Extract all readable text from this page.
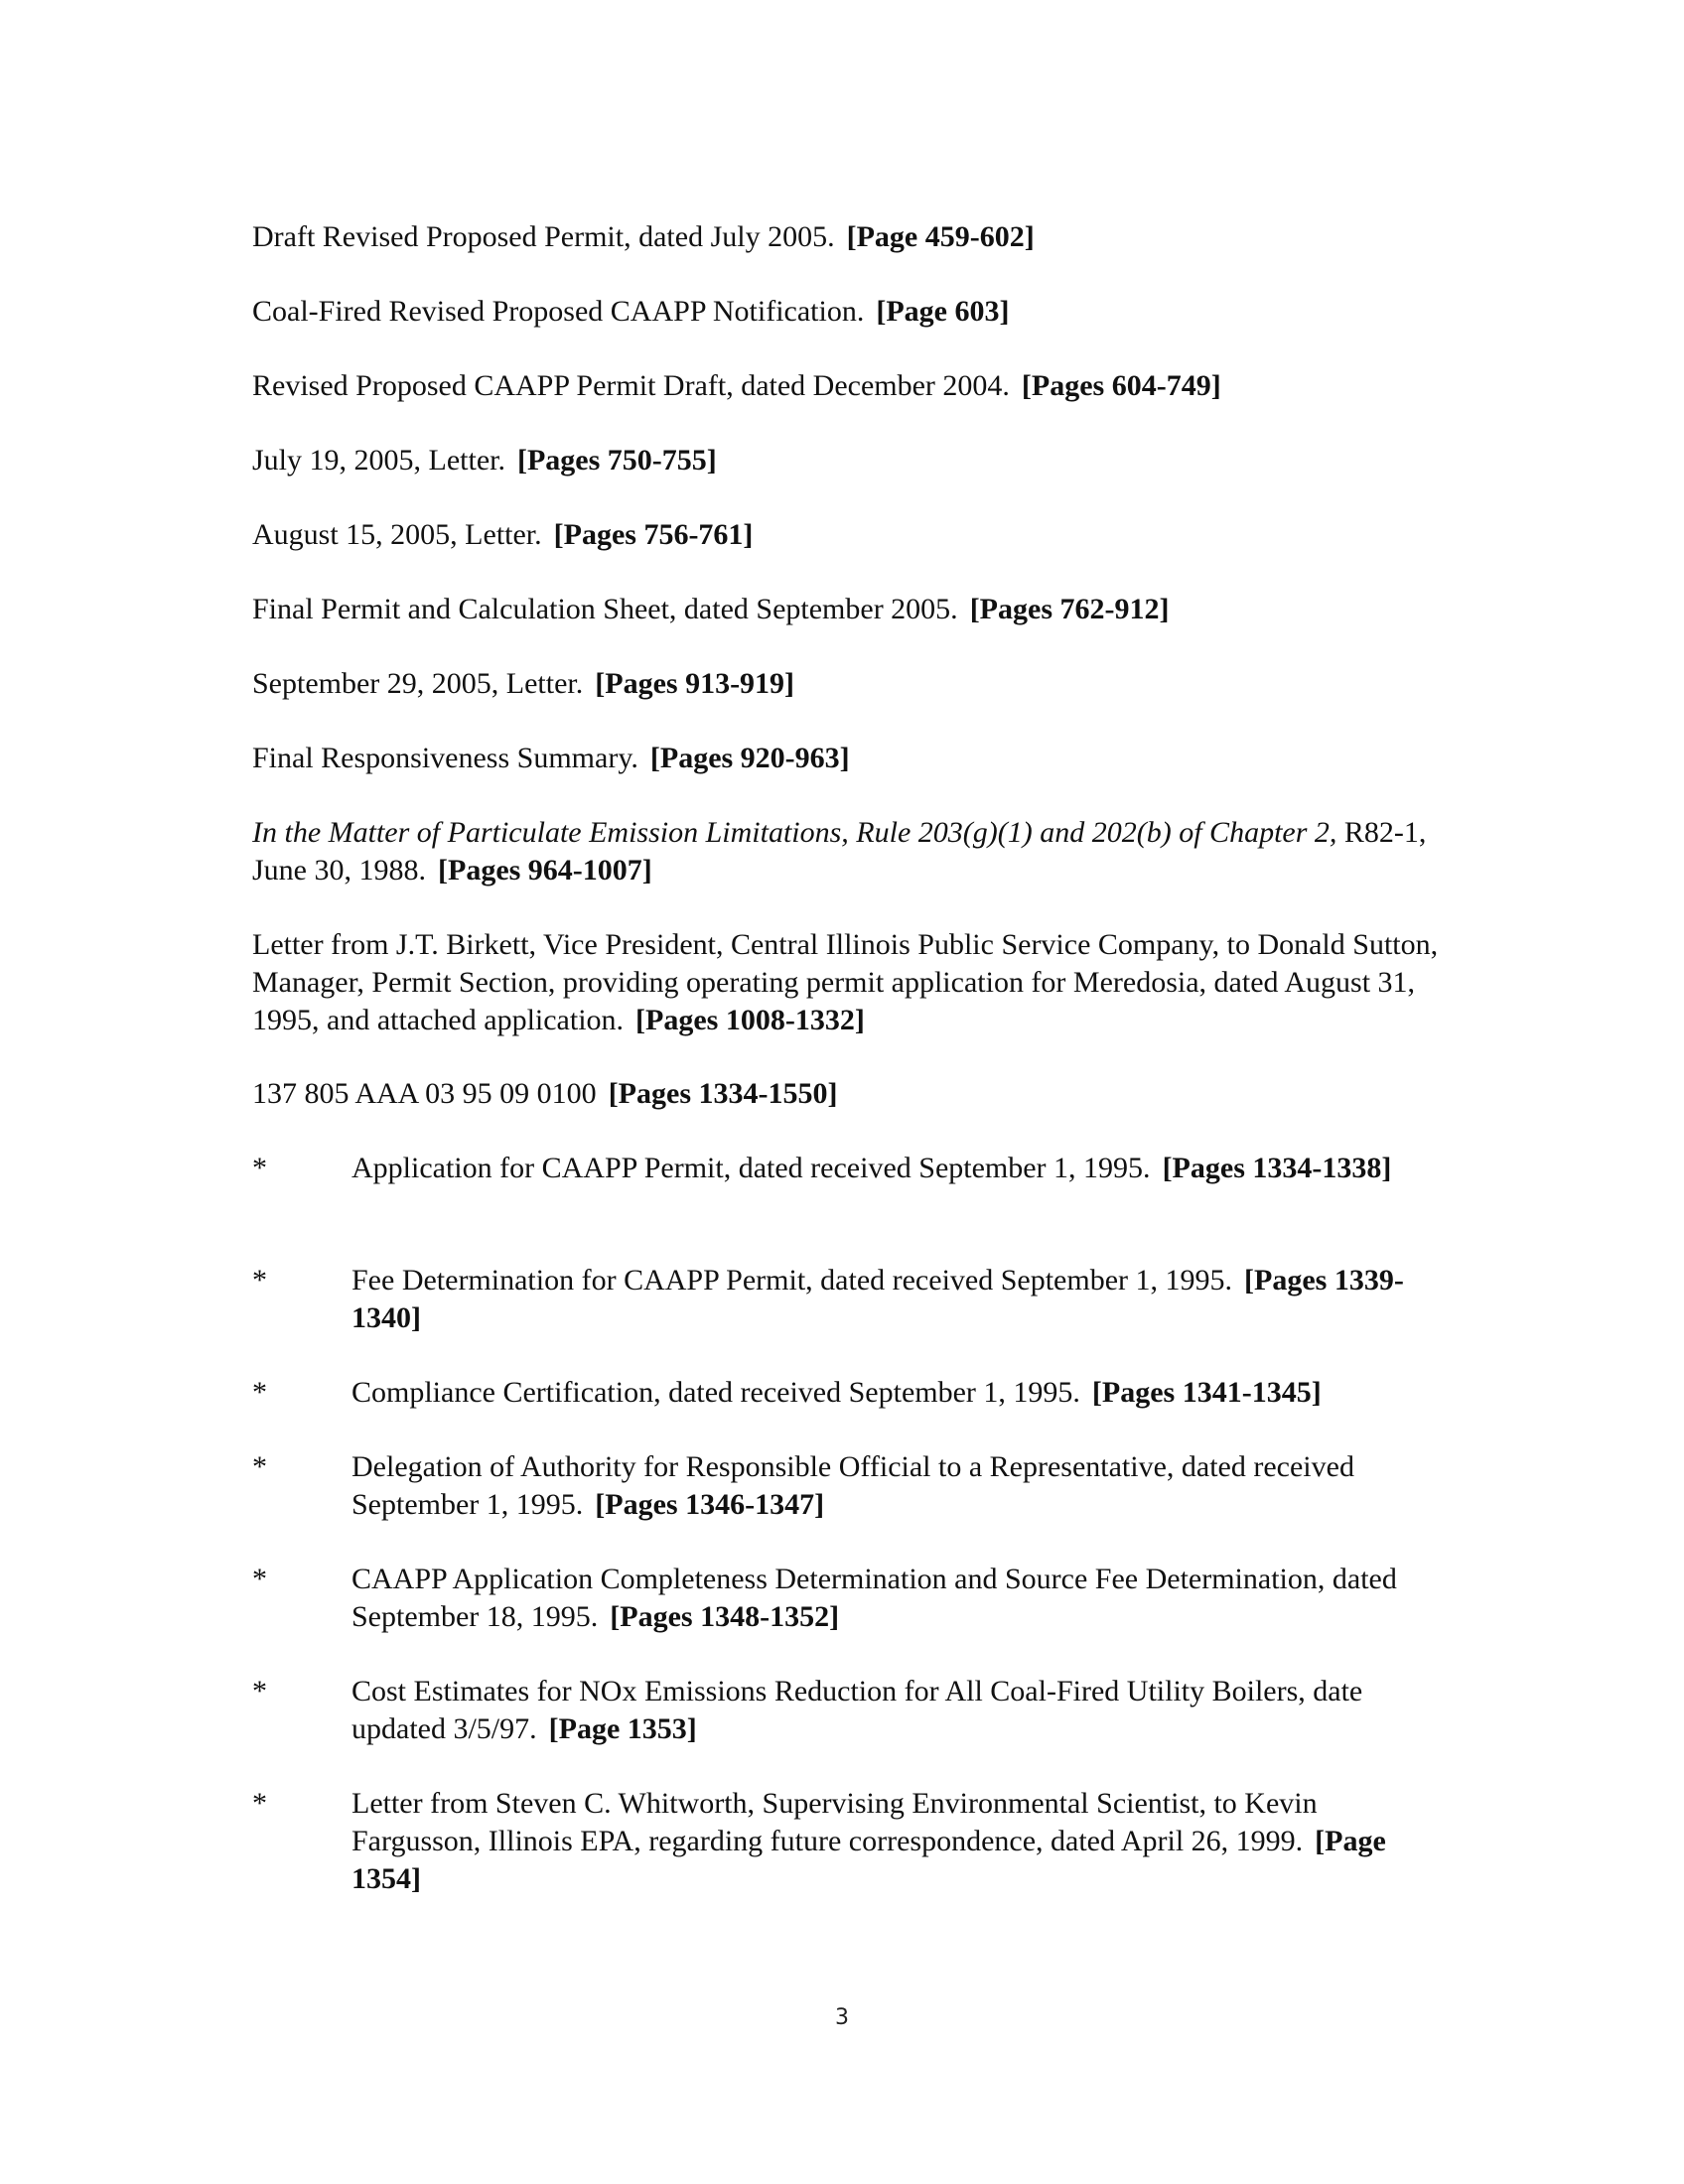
Draft Revised Proposed Permit, dated July 2005. [Page 459-602]

Coal-Fired Revised Proposed CAAPP Notification. [Page 603]

Revised Proposed CAAPP Permit Draft, dated December 2004. [Pages 604-749]

July 19, 2005, Letter. [Pages 750-755]

August 15, 2005, Letter. [Pages 756-761]

Final Permit and Calculation Sheet, dated September 2005. [Pages 762-912]

September 29, 2005, Letter. [Pages 913-919]

Final Responsiveness Summary. [Pages 920-963]

In the Matter of Particulate Emission Limitations, Rule 203(g)(1) and 202(b) of Chapter 2, R82-1, June 30, 1988. [Pages 964-1007]

Letter from J.T. Birkett, Vice President, Central Illinois Public Service Company, to Donald Sutton, Manager, Permit Section, providing operating permit application for Meredosia, dated August 31, 1995, and attached application. [Pages 1008-1332]

137 805 AAA 03 95 09 0100 [Pages 1334-1550]

*	Application for CAAPP Permit, dated received September 1, 1995. [Pages 1334-1338]
*	Fee Determination for CAAPP Permit, dated received September 1, 1995. [Pages 1339-1340]
*	Compliance Certification, dated received September 1, 1995. [Pages 1341-1345]
*	Delegation of Authority for Responsible Official to a Representative, dated received September 1, 1995. [Pages 1346-1347]
*	CAAPP Application Completeness Determination and Source Fee Determination, dated September 18, 1995. [Pages 1348-1352]
*	Cost Estimates for NOx Emissions Reduction for All Coal-Fired Utility Boilers, date updated 3/5/97. [Page 1353]
*	Letter from Steven C. Whitworth, Supervising Environmental Scientist, to Kevin Fargusson, Illinois EPA, regarding future correspondence, dated April 26, 1999. [Page 1354]
3
